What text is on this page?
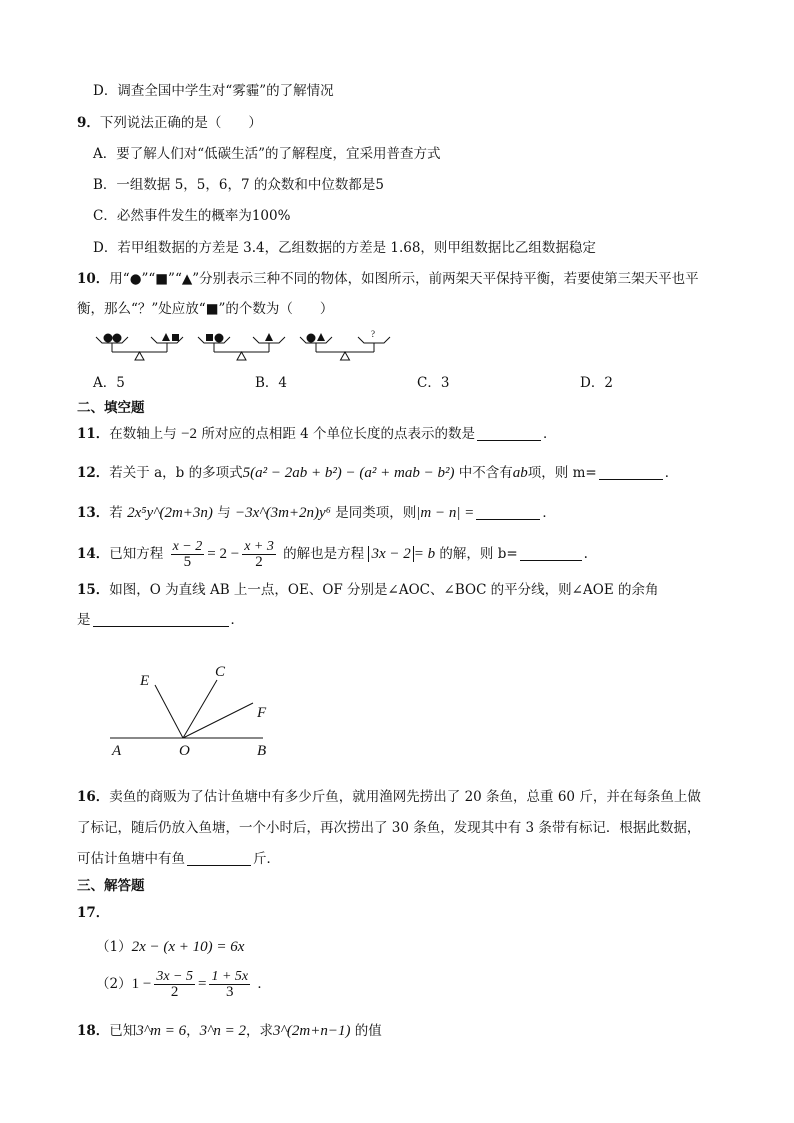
D．调查全国中学生对“雾霾”的了解情况
9．下列说法正确的是（　　）
A．要了解人们对“低碳生活”的了解程度，宜采用普查方式
B．一组数据 5，5，6，7 的众数和中位数都是5
C．必然事件发生的概率为100%
D．若甲组数据的方差是 3.4，乙组数据的方差是 1.68，则甲组数据比乙组数据稳定
10．用“●”“■”“▲”分别表示三种不同的物体，如图所示，前两架天平保持平衡，若要使第三架天平也平
衡，那么“？”处应放“■”的个数为（　　）
?
A．5	B．4	C．3	D．2
二、填空题
11．在数轴上与 −2 所对应的点相距 4 个单位长度的点表示的数是	．
12．若关于 a，b 的多项式5(a² − 2ab + b²) − (a² + mab − b²) 中不含有ab项，则 m=	．
13．若 2x⁵y^(2m+3n) 与 −3x^(3m+2n)y⁶ 是同类项，则|m − n| =	．
14．已知方程 $\frac{x - 2}{5} = 2 - \frac{x + 3}{2}$ 的解也是方程 3x − 2 = b 的解，则 b=	.
15．如图，O 为直线 AB 上一点，OE、OF 分别是∠AOC、∠BOC 的平分线，则∠AOE 的余角
是	．
A	O	B
C
E
F
16．卖鱼的商贩为了估计鱼塘中有多少斤鱼，就用渔网先捞出了 20 条鱼，总重 60 斤，并在每条鱼上做
了标记，随后仍放入鱼塘，一个小时后，再次捞出了 30 条鱼，发现其中有 3 条带有标记．根据此数据，
可估计鱼塘中有鱼	斤．
三、解答题
17．
（1）2x − (x + 10) = 6x
$(2)1 - \frac{3x - 5}{2} = \frac{1 + 5x}{3}$ ．
18．已知3^m = 6，3^n = 2，求3^(2m+n−1) 的值
